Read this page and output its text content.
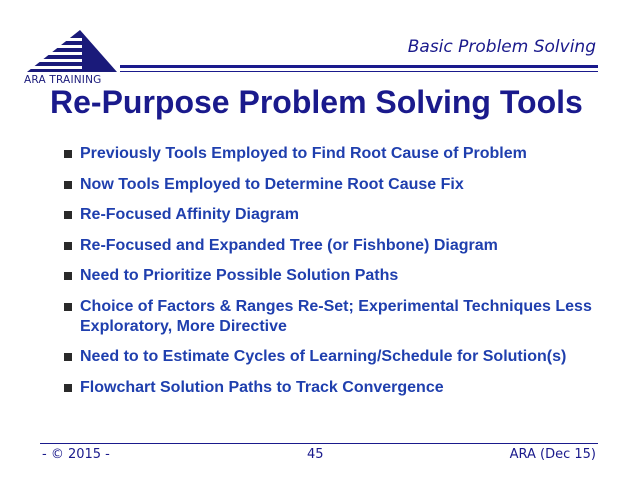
ARA TRAINING
Basic Problem Solving
Re-Purpose Problem Solving Tools
Previously Tools Employed to Find Root Cause of Problem
Now Tools Employed to Determine Root Cause Fix
Re-Focused Affinity Diagram
Re-Focused and Expanded Tree (or Fishbone) Diagram
Need to Prioritize Possible Solution Paths
Choice of Factors & Ranges Re-Set; Experimental Techniques Less Exploratory, More Directive
Need to to Estimate Cycles of Learning/Schedule for Solution(s)
Flowchart Solution Paths to Track Convergence
- © 2015 -	45	ARA (Dec 15)
